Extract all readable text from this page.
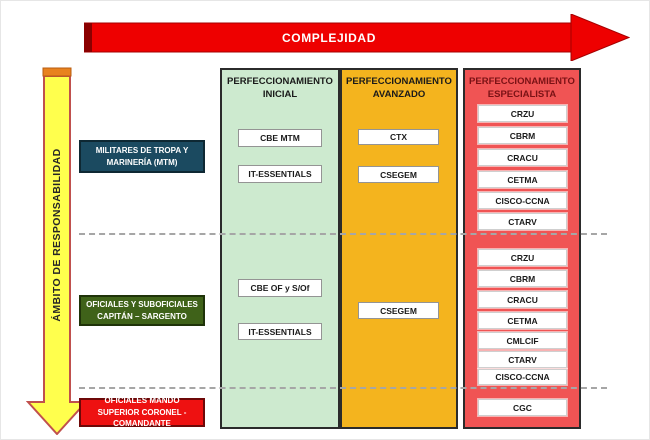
COMPLEJIDAD
ÁMBITO DE RESPONSABILIDAD
PERFECCIONAMIENTO INICIAL
PERFECCIONAMIENTO AVANZADO
PERFECCIONAMIENTO ESPECIALISTA
MILITARES DE TROPA Y MARINERÍA (MTM)
OFICIALES Y SUBOFICIALES CAPITÁN – SARGENTO
OFICIALES MANDO SUPERIOR CORONEL - COMANDANTE
CBE MTM
IT-ESSENTIALS
CTX
CSEGEM
CRZU
CBRM
CRACU
CETMA
CISCO-CCNA
CTARV
CBE OF y S/Of
IT-ESSENTIALS
CSEGEM
CRZU
CBRM
CRACU
CETMA
CMLCIF
CTARV
CISCO-CCNA
CGC
